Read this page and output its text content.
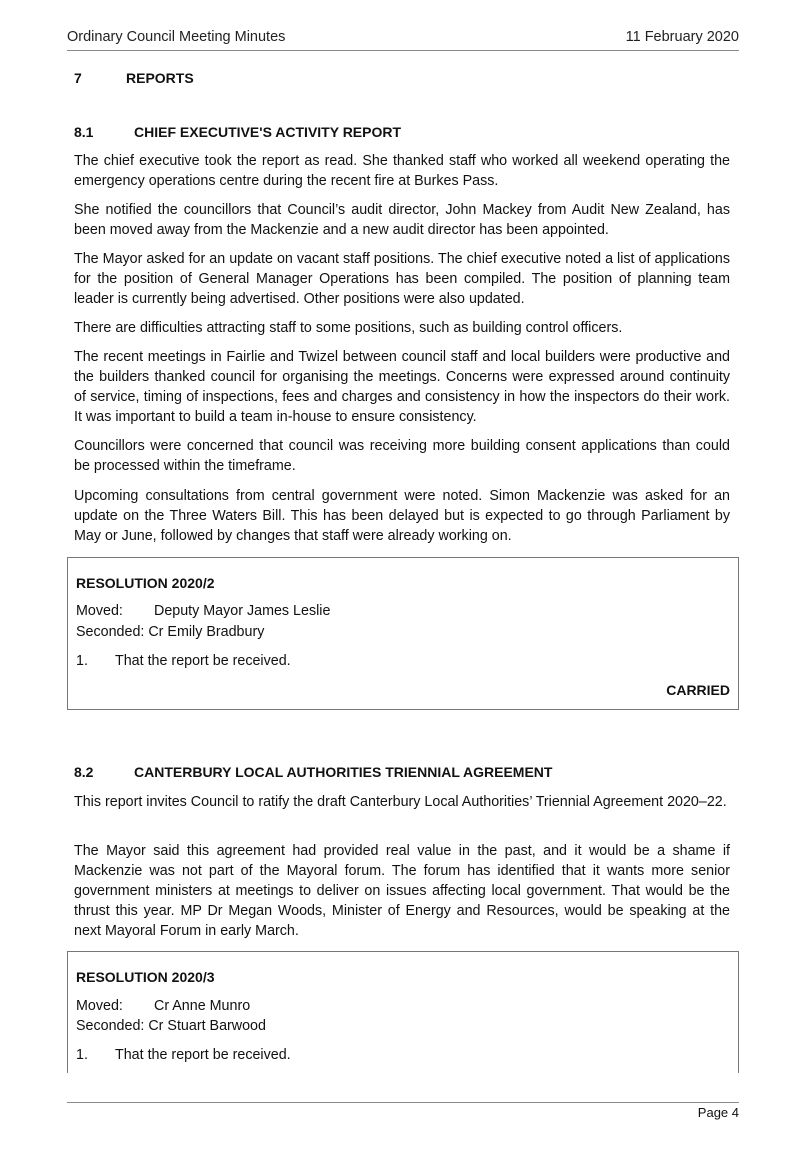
Ordinary Council Meeting Minutes	11 February 2020
7	REPORTS
8.1	CHIEF EXECUTIVE'S ACTIVITY REPORT

The chief executive took the report as read. She thanked staff who worked all weekend operating the emergency operations centre during the recent fire at Burkes Pass.

She notified the councillors that Council’s audit director, John Mackey from Audit New Zealand, has been moved away from the Mackenzie and a new audit director has been appointed.

The Mayor asked for an update on vacant staff positions. The chief executive noted a list of applications for the position of General Manager Operations has been compiled. The position of planning team leader is currently being advertised. Other positions were also updated.

There are difficulties attracting staff to some positions, such as building control officers.

The recent meetings in Fairlie and Twizel between council staff and local builders were productive and the builders thanked council for organising the meetings. Concerns were expressed around continuity of service, timing of inspections, fees and charges and consistency in how the inspectors do their work. It was important to build a team in-house to ensure consistency.

Councillors were concerned that council was receiving more building consent applications than could be processed within the timeframe.

Upcoming consultations from central government were noted. Simon Mackenzie was asked for an update on the Three Waters Bill. This has been delayed but is expected to go through Parliament by May or June, followed by changes that staff were already working on.

RESOLUTION 2020/2
Moved: Deputy Mayor James Leslie
Seconded: Cr Emily Bradbury
1. That the report be received.
CARRIED
8.2	CANTERBURY LOCAL AUTHORITIES TRIENNIAL AGREEMENT

This report invites Council to ratify the draft Canterbury Local Authorities’ Triennial Agreement 2020–22.

The Mayor said this agreement had provided real value in the past, and it would be a shame if Mackenzie was not part of the Mayoral forum. The forum has identified that it wants more senior government ministers at meetings to deliver on issues affecting local government. That would be the thrust this year. MP Dr Megan Woods, Minister of Energy and Resources, would be speaking at the next Mayoral Forum in early March.

RESOLUTION 2020/3
Moved: Cr Anne Munro
Seconded: Cr Stuart Barwood
1. That the report be received.
Page 4
